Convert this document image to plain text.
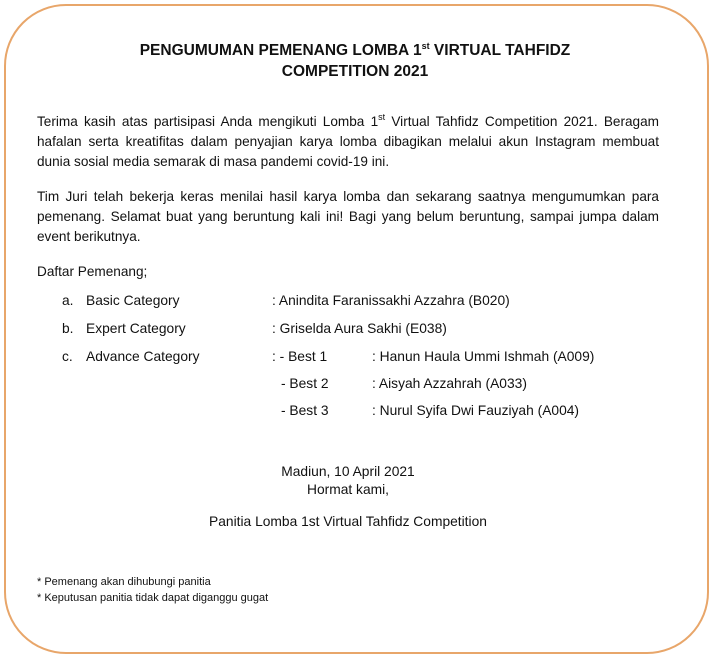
PENGUMUMAN PEMENANG LOMBA 1st VIRTUAL TAHFIDZ
COMPETITION 2021
Terima kasih atas partisipasi Anda mengikuti Lomba 1st Virtual Tahfidz Competition 2021. Beragam hafalan serta kreatifitas dalam penyajian karya lomba dibagikan melalui akun Instagram membuat dunia sosial media semarak di masa pandemi covid-19 ini.
Tim Juri telah bekerja keras menilai hasil karya lomba dan sekarang saatnya mengumumkan para pemenang. Selamat buat yang beruntung kali ini! Bagi yang belum beruntung, sampai jumpa dalam event berikutnya.
Daftar Pemenang;
a. Basic Category	: Anindita Faranissakhi Azzahra (B020)
b. Expert Category	: Griselda Aura Sakhi (E038)
c. Advance Category	: - Best 1	: Hanun Haula Ummi Ishmah (A009)
- Best 2	: Aisyah Azzahrah (A033)
- Best 3	: Nurul Syifa Dwi Fauziyah (A004)
Madiun, 10 April 2021
Hormat kami,
Panitia Lomba 1st Virtual Tahfidz Competition
* Pemenang akan dihubungi panitia
* Keputusan panitia tidak dapat diganggu gugat
